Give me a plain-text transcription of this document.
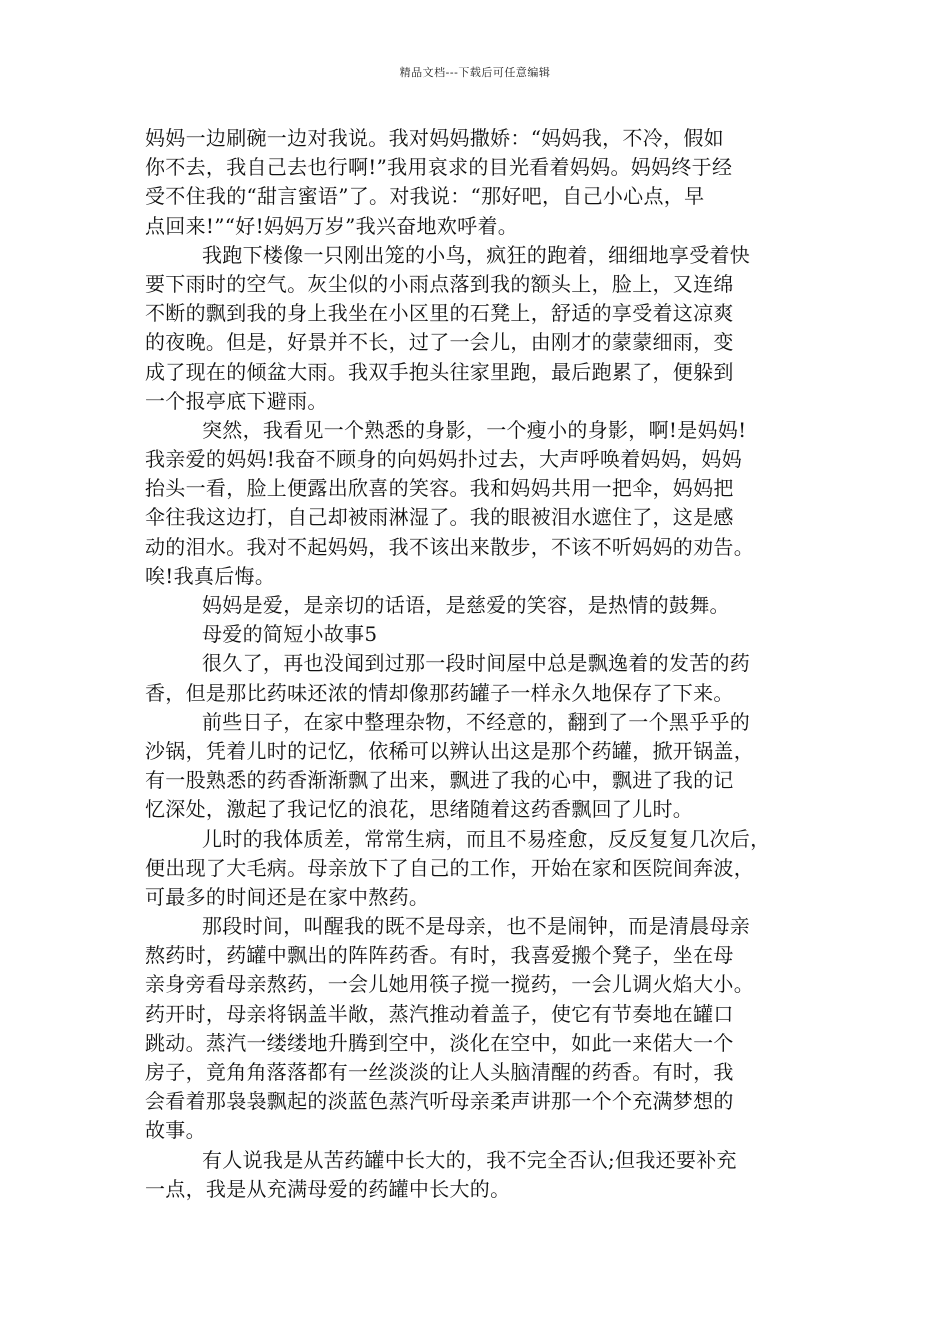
精品文档---下载后可任意编辑
妈妈一边刷碗一边对我说。我对妈妈撒娇：“妈妈我，不冷，假如
你不去，我自己去也行啊!”我用哀求的目光看着妈妈。妈妈终于经
受不住我的“甜言蜜语”了。对我说：“那好吧，自己小心点，早
点回来!”“好!妈妈万岁”我兴奋地欢呼着。
我跑下楼像一只刚出笼的小鸟，疯狂的跑着，细细地享受着快
要下雨时的空气。灰尘似的小雨点落到我的额头上，脸上，又连绵
不断的飘到我的身上我坐在小区里的石凳上，舒适的享受着这凉爽
的夜晚。但是，好景并不长，过了一会儿，由刚才的蒙蒙细雨，变
成了现在的倾盆大雨。我双手抱头往家里跑，最后跑累了，便躲到
一个报亭底下避雨。
突然，我看见一个熟悉的身影，一个瘦小的身影，啊!是妈妈!
我亲爱的妈妈!我奋不顾身的向妈妈扑过去，大声呼唤着妈妈，妈妈
抬头一看，脸上便露出欣喜的笑容。我和妈妈共用一把伞，妈妈把
伞往我这边打，自己却被雨淋湿了。我的眼被泪水遮住了，这是感
动的泪水。我对不起妈妈，我不该出来散步，不该不听妈妈的劝告。
唉!我真后悔。
妈妈是爱，是亲切的话语，是慈爱的笑容，是热情的鼓舞。
母爱的简短小故事5
很久了，再也没闻到过那一段时间屋中总是飘逸着的发苦的药
香，但是那比药味还浓的情却像那药罐子一样永久地保存了下来。
前些日子，在家中整理杂物，不经意的，翻到了一个黑乎乎的
沙锅，凭着儿时的记忆，依稀可以辨认出这是那个药罐，掀开锅盖，
有一股熟悉的药香渐渐飘了出来，飘进了我的心中，飘进了我的记
忆深处，激起了我记忆的浪花，思绪随着这药香飘回了儿时。
儿时的我体质差，常常生病，而且不易痊愈，反反复复几次后，
便出现了大毛病。母亲放下了自己的工作，开始在家和医院间奔波，
可最多的时间还是在家中熬药。
那段时间，叫醒我的既不是母亲，也不是闹钟，而是清晨母亲
熬药时，药罐中飘出的阵阵药香。有时，我喜爱搬个凳子，坐在母
亲身旁看母亲熬药，一会儿她用筷子搅一搅药，一会儿调火焰大小。
药开时，母亲将锅盖半敞，蒸汽推动着盖子，使它有节奏地在罐口
跳动。蒸汽一缕缕地升腾到空中，淡化在空中，如此一来偌大一个
房子，竟角角落落都有一丝淡淡的让人头脑清醒的药香。有时，我
会看着那袅袅飘起的淡蓝色蒸汽听母亲柔声讲那一个个充满梦想的
故事。
有人说我是从苦药罐中长大的，我不完全否认;但我还要补充
一点，我是从充满母爱的药罐中长大的。
